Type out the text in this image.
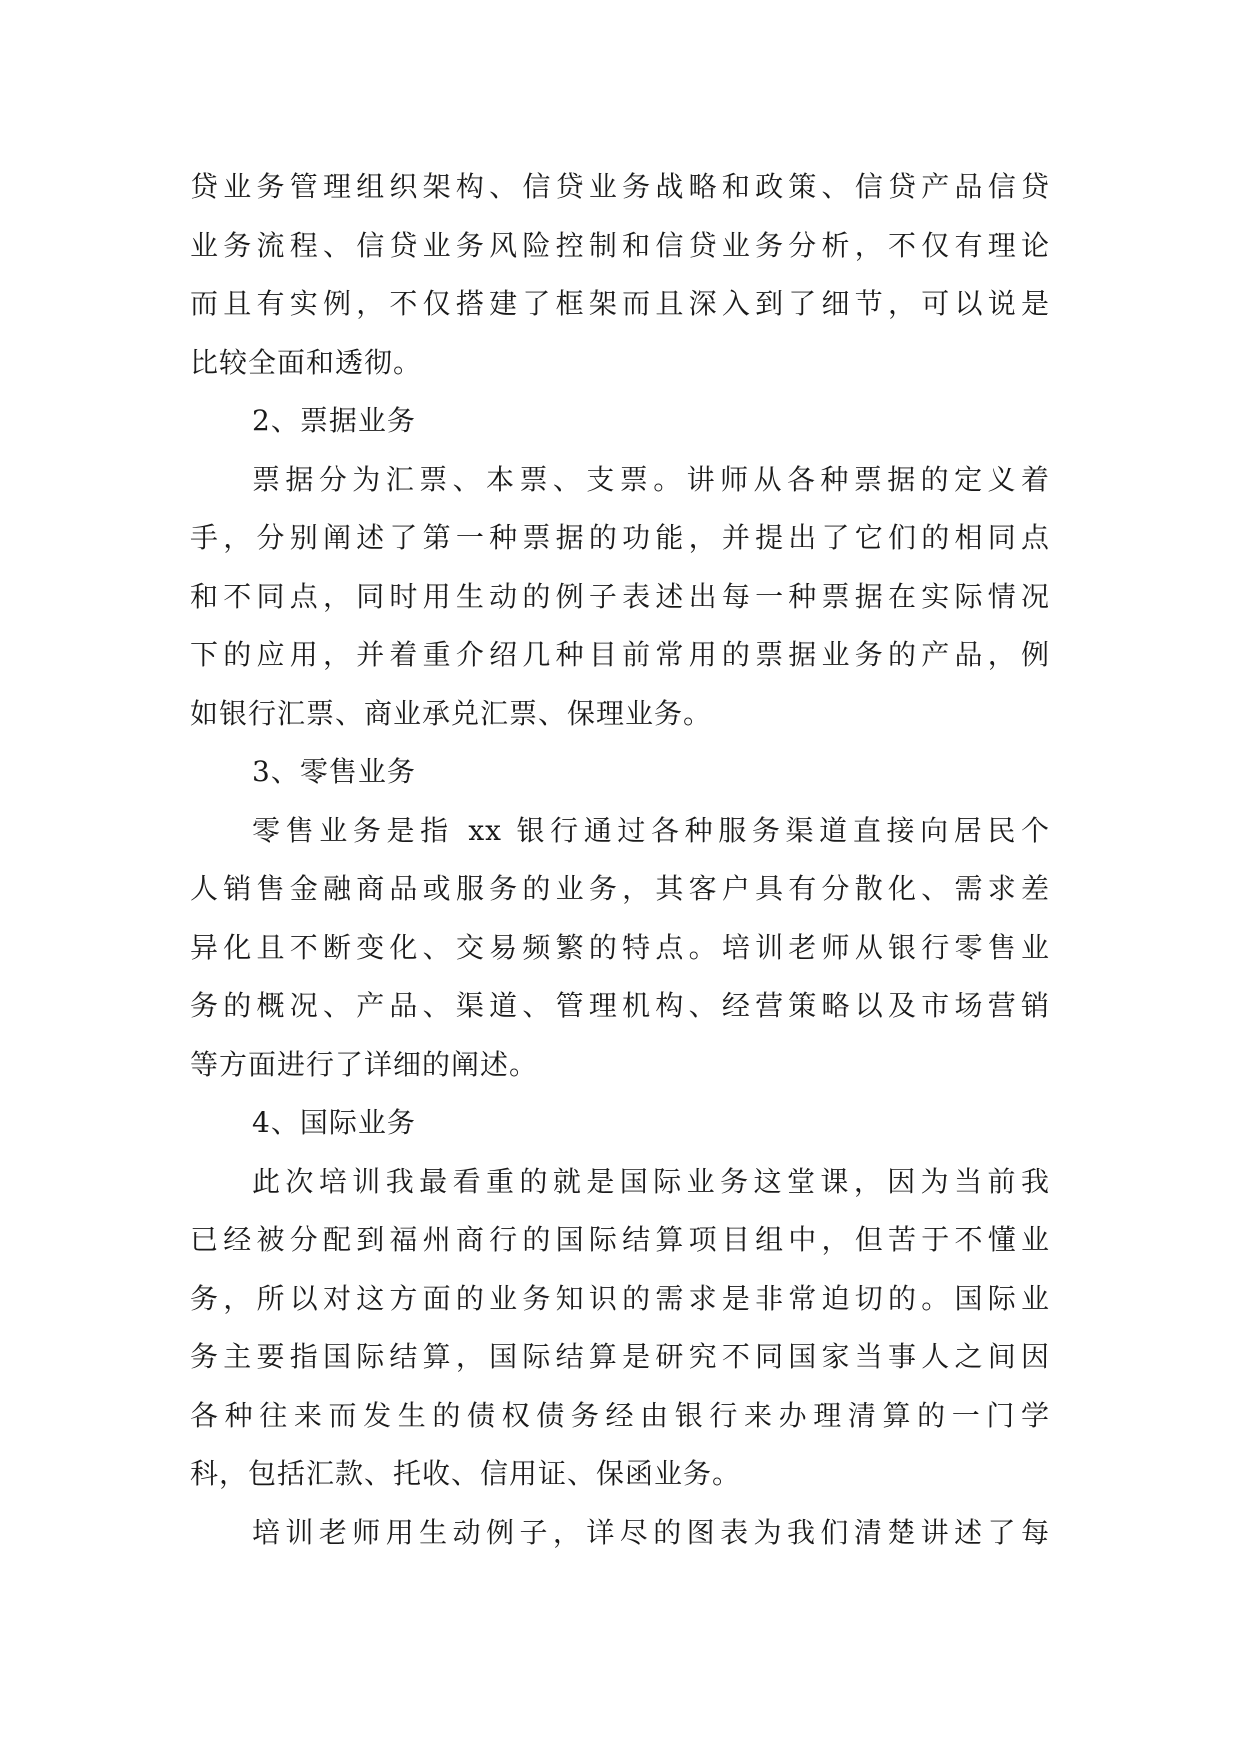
贷业务管理组织架构、信贷业务战略和政策、信贷产品信贷
业务流程、信贷业务风险控制和信贷业务分析，不仅有理论
而且有实例，不仅搭建了框架而且深入到了细节，可以说是
比较全面和透彻。
2、票据业务
票据分为汇票、本票、支票。讲师从各种票据的定义着
手，分别阐述了第一种票据的功能，并提出了它们的相同点
和不同点，同时用生动的例子表述出每一种票据在实际情况
下的应用，并着重介绍几种目前常用的票据业务的产品，例
如银行汇票、商业承兑汇票、保理业务。
3、零售业务
零售业务是指 xx 银行通过各种服务渠道直接向居民个
人销售金融商品或服务的业务，其客户具有分散化、需求差
异化且不断变化、交易频繁的特点。培训老师从银行零售业
务的概况、产品、渠道、管理机构、经营策略以及市场营销
等方面进行了详细的阐述。
4、国际业务
此次培训我最看重的就是国际业务这堂课，因为当前我
已经被分配到福州商行的国际结算项目组中，但苦于不懂业
务，所以对这方面的业务知识的需求是非常迫切的。国际业
务主要指国际结算，国际结算是研究不同国家当事人之间因
各种往来而发生的债权债务经由银行来办理清算的一门学
科，包括汇款、托收、信用证、保函业务。
培训老师用生动例子，详尽的图表为我们清楚讲述了每
